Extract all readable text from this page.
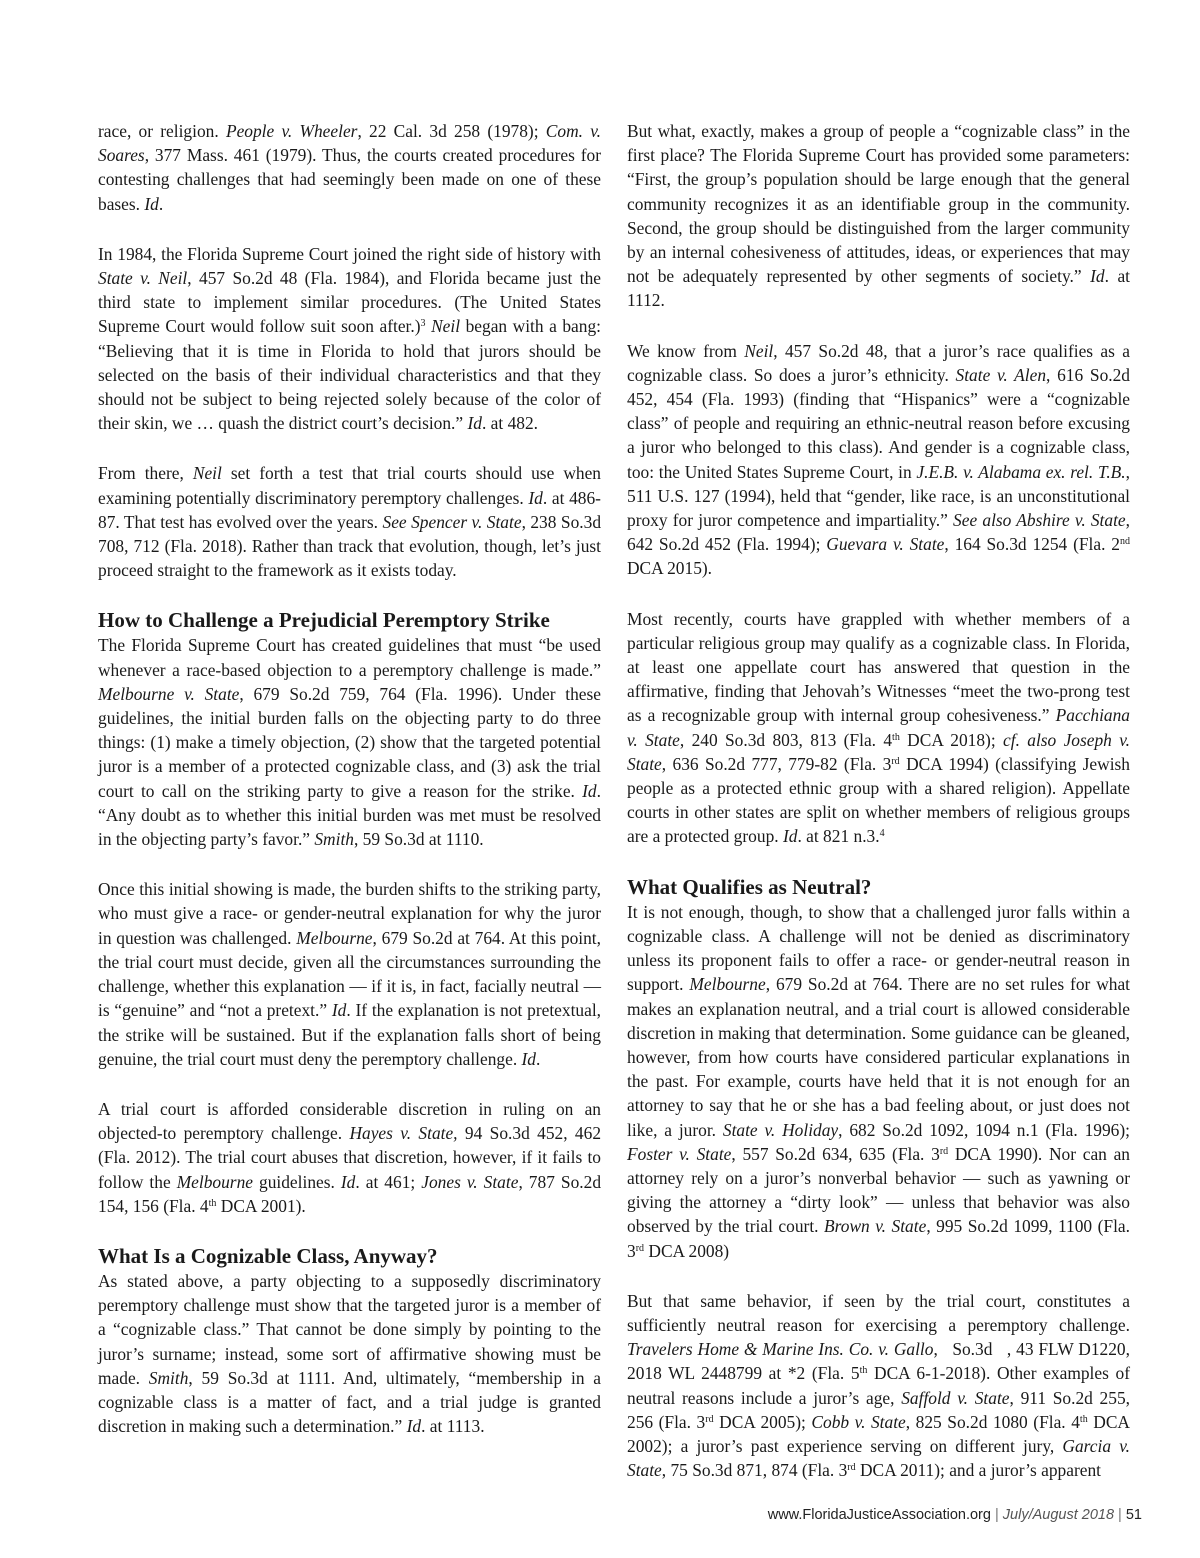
race, or religion. People v. Wheeler, 22 Cal. 3d 258 (1978); Com. v. Soares, 377 Mass. 461 (1979). Thus, the courts created procedures for contesting challenges that had seemingly been made on one of these bases. Id.

In 1984, the Florida Supreme Court joined the right side of history with State v. Neil, 457 So.2d 48 (Fla. 1984), and Florida became just the third state to implement similar procedures. (The United States Supreme Court would follow suit soon after.)$^3$ Neil began with a bang: “Believing that it is time in Florida to hold that jurors should be selected on the basis of their individual characteristics and that they should not be subject to being rejected solely because of the color of their skin, we … quash the district court’s decision.” Id. at 482.

From there, Neil set forth a test that trial courts should use when examining potentially discriminatory peremptory challenges. Id. at 486-87. That test has evolved over the years. See Spencer v. State, 238 So.3d 708, 712 (Fla. 2018). Rather than track that evolution, though, let’s just proceed straight to the framework as it exists today.

How to Challenge a Prejudicial Peremptory Strike

The Florida Supreme Court has created guidelines that must “be used whenever a race-based objection to a peremptory challenge is made.” Melbourne v. State, 679 So.2d 759, 764 (Fla. 1996). Under these guidelines, the initial burden falls on the objecting party to do three things: (1) make a timely objection, (2) show that the targeted potential juror is a member of a protected cognizable class, and (3) ask the trial court to call on the striking party to give a reason for the strike. Id. “Any doubt as to whether this initial burden was met must be resolved in the objecting party’s favor.” Smith, 59 So.3d at 1110.

Once this initial showing is made, the burden shifts to the striking party, who must give a race- or gender-neutral explanation for why the juror in question was challenged. Melbourne, 679 So.2d at 764. At this point, the trial court must decide, given all the circumstances surrounding the challenge, whether this explanation — if it is, in fact, facially neutral — is “genuine” and “not a pretext.” Id. If the explanation is not pretextual, the strike will be sustained. But if the explanation falls short of being genuine, the trial court must deny the peremptory challenge. Id.

A trial court is afforded considerable discretion in ruling on an objected-to peremptory challenge. Hayes v. State, 94 So.3d 452, 462 (Fla. 2012). The trial court abuses that discretion, however, if it fails to follow the Melbourne guidelines. Id. at 461; Jones v. State, 787 So.2d 154, 156 (Fla. 4th DCA 2001).

What Is a Cognizable Class, Anyway?

As stated above, a party objecting to a supposedly discriminatory peremptory challenge must show that the targeted juror is a member of a “cognizable class.” That cannot be done simply by pointing to the juror’s surname; instead, some sort of affirmative showing must be made. Smith, 59 So.3d at 1111. And, ultimately, “membership in a cognizable class is a matter of fact, and a trial judge is granted discretion in making such a determination.” Id. at 1113.

But what, exactly, makes a group of people a “cognizable class” in the first place? The Florida Supreme Court has provided some parameters: “First, the group’s population should be large enough that the general community recognizes it as an identifiable group in the community. Second, the group should be distinguished from the larger community by an internal cohesiveness of attitudes, ideas, or experiences that may not be adequately represented by other segments of society.” Id. at 1112.

We know from Neil, 457 So.2d 48, that a juror’s race qualifies as a cognizable class. So does a juror’s ethnicity. State v. Alen, 616 So.2d 452, 454 (Fla. 1993) (finding that “Hispanics” were a “cognizable class” of people and requiring an ethnic-neutral reason before excusing a juror who belonged to this class). And gender is a cognizable class, too: the United States Supreme Court, in J.E.B. v. Alabama ex. rel. T.B., 511 U.S. 127 (1994), held that “gender, like race, is an unconstitutional proxy for juror competence and impartiality.” See also Abshire v. State, 642 So.2d 452 (Fla. 1994); Guevara v. State, 164 So.3d 1254 (Fla. 2nd DCA 2015).

Most recently, courts have grappled with whether members of a particular religious group may qualify as a cognizable class. In Florida, at least one appellate court has answered that question in the affirmative, finding that Jehovah’s Witnesses “meet the two-prong test as a recognizable group with internal group cohesiveness.” Pacchiana v. State, 240 So.3d 803, 813 (Fla. 4th DCA 2018); cf. also Joseph v. State, 636 So.2d 777, 779-82 (Fla. 3rd DCA 1994) (classifying Jewish people as a protected ethnic group with a shared religion). Appellate courts in other states are split on whether members of religious groups are a protected group. Id. at 821 n.3.$^4$

What Qualifies as Neutral?

It is not enough, though, to show that a challenged juror falls within a cognizable class. A challenge will not be denied as discriminatory unless its proponent fails to offer a race- or gender-neutral reason in support. Melbourne, 679 So.2d at 764. There are no set rules for what makes an explanation neutral, and a trial court is allowed considerable discretion in making that determination. Some guidance can be gleaned, however, from how courts have considered particular explanations in the past. For example, courts have held that it is not enough for an attorney to say that he or she has a bad feeling about, or just does not like, a juror. State v. Holiday, 682 So.2d 1092, 1094 n.1 (Fla. 1996); Foster v. State, 557 So.2d 634, 635 (Fla. 3rd DCA 1990). Nor can an attorney rely on a juror’s nonverbal behavior — such as yawning or giving the attorney a “dirty look” — unless that behavior was also observed by the trial court. Brown v. State, 995 So.2d 1099, 1100 (Fla. 3rd DCA 2008)

But that same behavior, if seen by the trial court, constitutes a sufficiently neutral reason for exercising a peremptory challenge. Travelers Home & Marine Ins. Co. v. Gallo,   So.3d   , 43 FLW D1220, 2018 WL 2448799 at *2 (Fla. 5th DCA 6-1-2018). Other examples of neutral reasons include a juror’s age, Saffold v. State, 911 So.2d 255, 256 (Fla. 3rd DCA 2005); Cobb v. State, 825 So.2d 1080 (Fla. 4th DCA 2002); a juror’s past experience serving on different jury, Garcia v. State, 75 So.3d 871, 874 (Fla. 3rd DCA 2011); and a juror’s apparent

www.FloridaJusticeAssociation.org | July/August 2018 | 51
